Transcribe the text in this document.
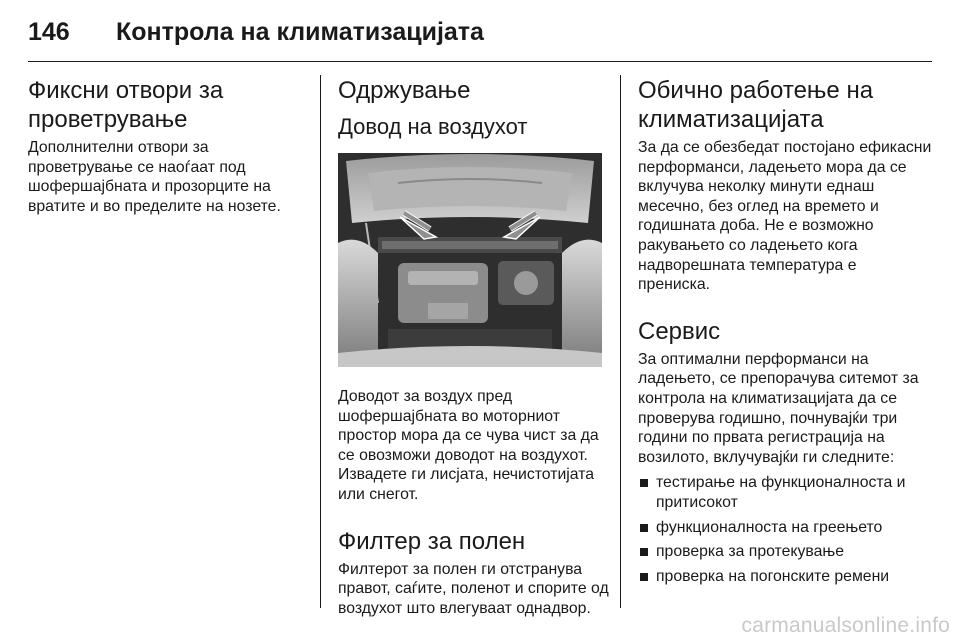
146 Контрола на климатизацијата
Фиксни отвори за проветрување

Дополнителни отвори за проветрување се наоѓаат под шофершајбната и прозорците на вратите и во пределите на нозете.

Одржување
Довод на воздухот

Доводот за воздух пред шофершајбната во моторниот простор мора да се чува чист за да се овозможи доводот на воздухот. Извадете ги лисјата, нечистотијата или снегот.

Филтер за полен

Филтерот за полен ги отстранува правот, саѓите, поленот и спорите од воздухот што влегуваат однадвор.

Обично работење на климатизацијата

За да се обезбедат постојано ефикасни перформанси, ладењето мора да се вклучува неколку минути еднаш месечно, без оглед на времето и годишната доба. Не е возможно ракувањето со ладењето кога надворешната температура е прениска.

Сервис

За оптимални перформанси на ладењето, се препорачува ситемот за контрола на климатизацијата да се проверува годишно, почнувајќи три години по првата регистрација на возилото, вклучувајќи ги следните:

тестирање на функционалноста и притисокот
функционалноста на греењето
проверка за протекување
проверка на погонските ремени
carmanualsonline.info
